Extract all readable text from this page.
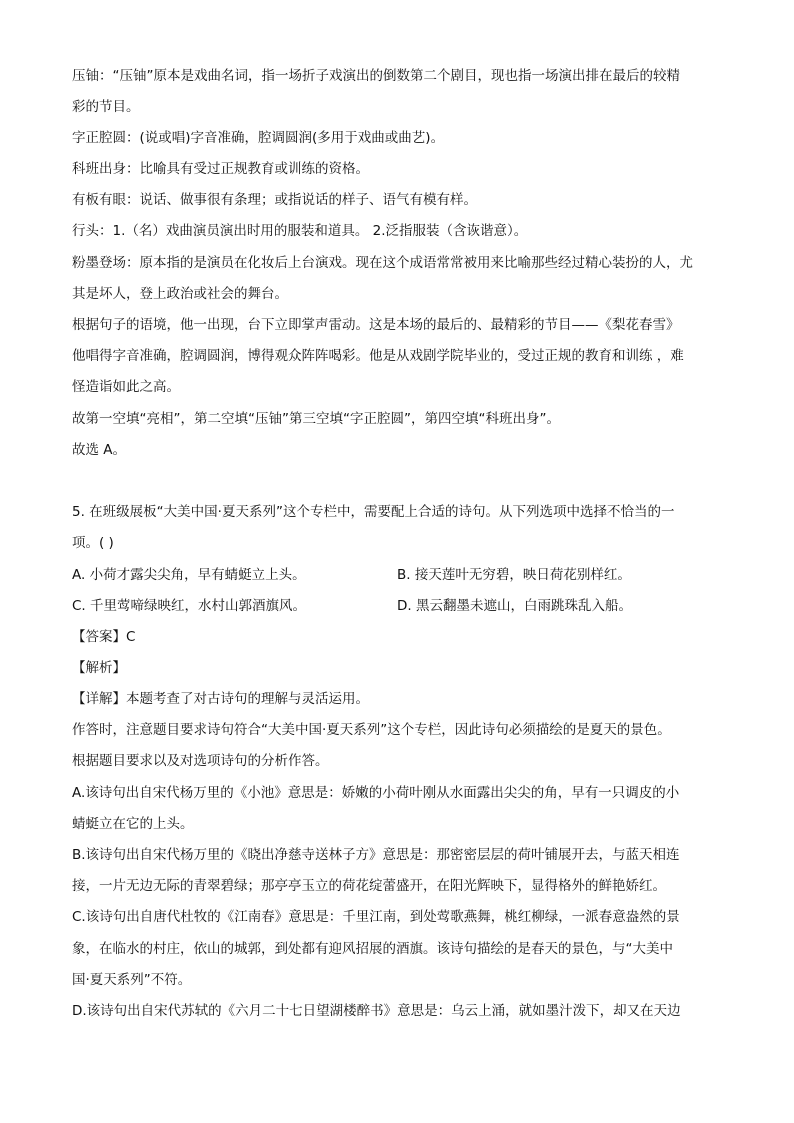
压铀：“压铀”原本是戏曲名词，指一场折子戏演出的倒数第二个剧目，现也指一场演出排在最后的较精
彩的节目。
字正腔圆：(说或唱)字音准确，腔调圆润(多用于戏曲或曲艺)。
科班出身：比喻具有受过正规教育或训练的资格。
有板有眼：说话、做事很有条理；或指说话的样子、语气有模有样。
行头：1.（名）戏曲演员演出时用的服装和道具。 2.泛指服装（含诙谐意）。
粉墨登场：原本指的是演员在化妆后上台演戏。现在这个成语常常被用来比喻那些经过精心装扮的人，尤
其是坏人，登上政治或社会的舞台。
根据句子的语境，他一出现，台下立即掌声雷动。这是本场的最后的、最精彩的节目——《梨花春雪》
他唱得字音准确，腔调圆润，博得观众阵阵喝彩。他是从戏剧学院毕业的，受过正规的教育和训练 ，难
怪造诣如此之高。
故第一空填“亮相”，第二空填“压铀”第三空填“字正腔圆”，第四空填“科班出身”。
故选 A。
5. 在班级展板“大美中国·夏天系列”这个专栏中，需要配上合适的诗句。从下列选项中选择不恰当的一
项。( )
A. 小荷才露尖尖角，早有蜻蜓立上头。	B. 接天莲叶无穷碧，映日荷花别样红。
C. 千里莺啼绿映红，水村山郭酒旗风。	D. 黑云翻墨未遮山，白雨跳珠乱入船。
【答案】C
【解析】
【详解】本题考查了对古诗句的理解与灵活运用。
作答时，注意题目要求诗句符合“大美中国·夏天系列”这个专栏，因此诗句必须描绘的是夏天的景色。
根据题目要求以及对选项诗句的分析作答。
A.该诗句出自宋代杨万里的《小池》意思是：娇嫩的小荷叶刚从水面露出尖尖的角，早有一只调皮的小
蜻蜓立在它的上头。
B.该诗句出自宋代杨万里的《晓出净慈寺送林子方》意思是：那密密层层的荷叶铺展开去，与蓝天相连
接，一片无边无际的青翠碧绿；那亭亭玉立的荷花绽蕾盛开，在阳光辉映下，显得格外的鲜艳娇红。
C.该诗句出自唐代杜牧的《江南春》意思是：千里江南，到处莺歌燕舞，桃红柳绿，一派春意盎然的景
象，在临水的村庄，依山的城郭，到处都有迎风招展的酒旗。该诗句描绘的是春天的景色，与“大美中
国·夏天系列”不符。
D.该诗句出自宋代苏轼的《六月二十七日望湖楼醉书》意思是：乌云上涌，就如墨汁泼下，却又在天边
